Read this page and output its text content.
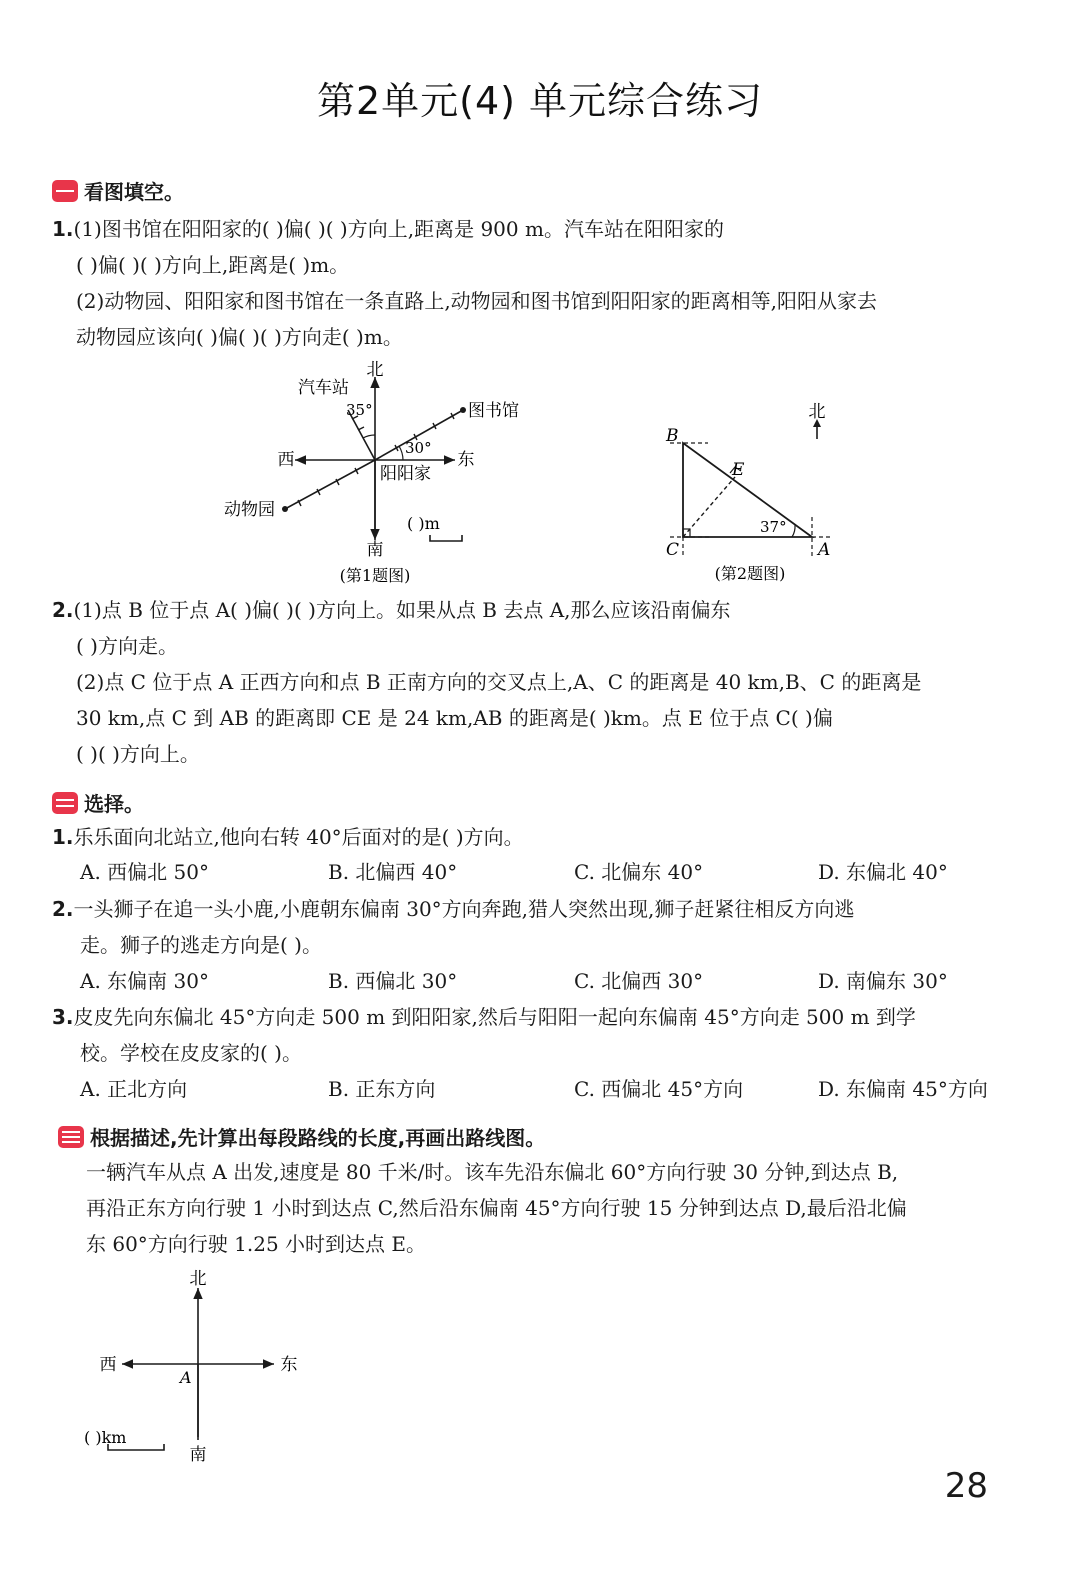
第2单元(4) 单元综合练习
看图填空。
1.(1)图书馆在阳阳家的( )偏( )( )方向上,距离是 900 m。汽车站在阳阳家的
( )偏( )( )方向上,距离是( )m。
(2)动物园、阳阳家和图书馆在一条直路上,动物园和图书馆到阳阳家的距离相等,阳阳从家去
动物园应该向( )偏( )( )方向走( )m。
北
南
西	东
汽车站
图书馆
阳阳家
动物园
35°
30°
( )m
(第1题图)
北
B
E
C	A
37°
(第2题图)
2.(1)点 B 位于点 A( )偏( )( )方向上。如果从点 B 去点 A,那么应该沿南偏东
( )方向走。
(2)点 C 位于点 A 正西方向和点 B 正南方向的交叉点上,A、C 的距离是 40 km,B、C 的距离是
30 km,点 C 到 AB 的距离即 CE 是 24 km,AB 的距离是( )km。点 E 位于点 C( )偏
( )( )方向上。
选择。
1.乐乐面向北站立,他向右转 40°后面对的是( )方向。
A. 西偏北 50°	B. 北偏西 40°	C. 北偏东 40°	D. 东偏北 40°
2.一头狮子在追一头小鹿,小鹿朝东偏南 30°方向奔跑,猎人突然出现,狮子赶紧往相反方向逃
走。狮子的逃走方向是( )。
A. 东偏南 30°	B. 西偏北 30°	C. 北偏西 30°	D. 南偏东 30°
3.皮皮先向东偏北 45°方向走 500 m 到阳阳家,然后与阳阳一起向东偏南 45°方向走 500 m 到学
校。学校在皮皮家的( )。
A. 正北方向	B. 正东方向	C. 西偏北 45°方向	D. 东偏南 45°方向
根据描述,先计算出每段路线的长度,再画出路线图。
一辆汽车从点 A 出发,速度是 80 千米/时。该车先沿东偏北 60°方向行驶 30 分钟,到达点 B,
再沿正东方向行驶 1 小时到达点 C,然后沿东偏南 45°方向行驶 15 分钟到达点 D,最后沿北偏
东 60°方向行驶 1.25 小时到达点 E。
北
南
西	东
A
( )km
28
